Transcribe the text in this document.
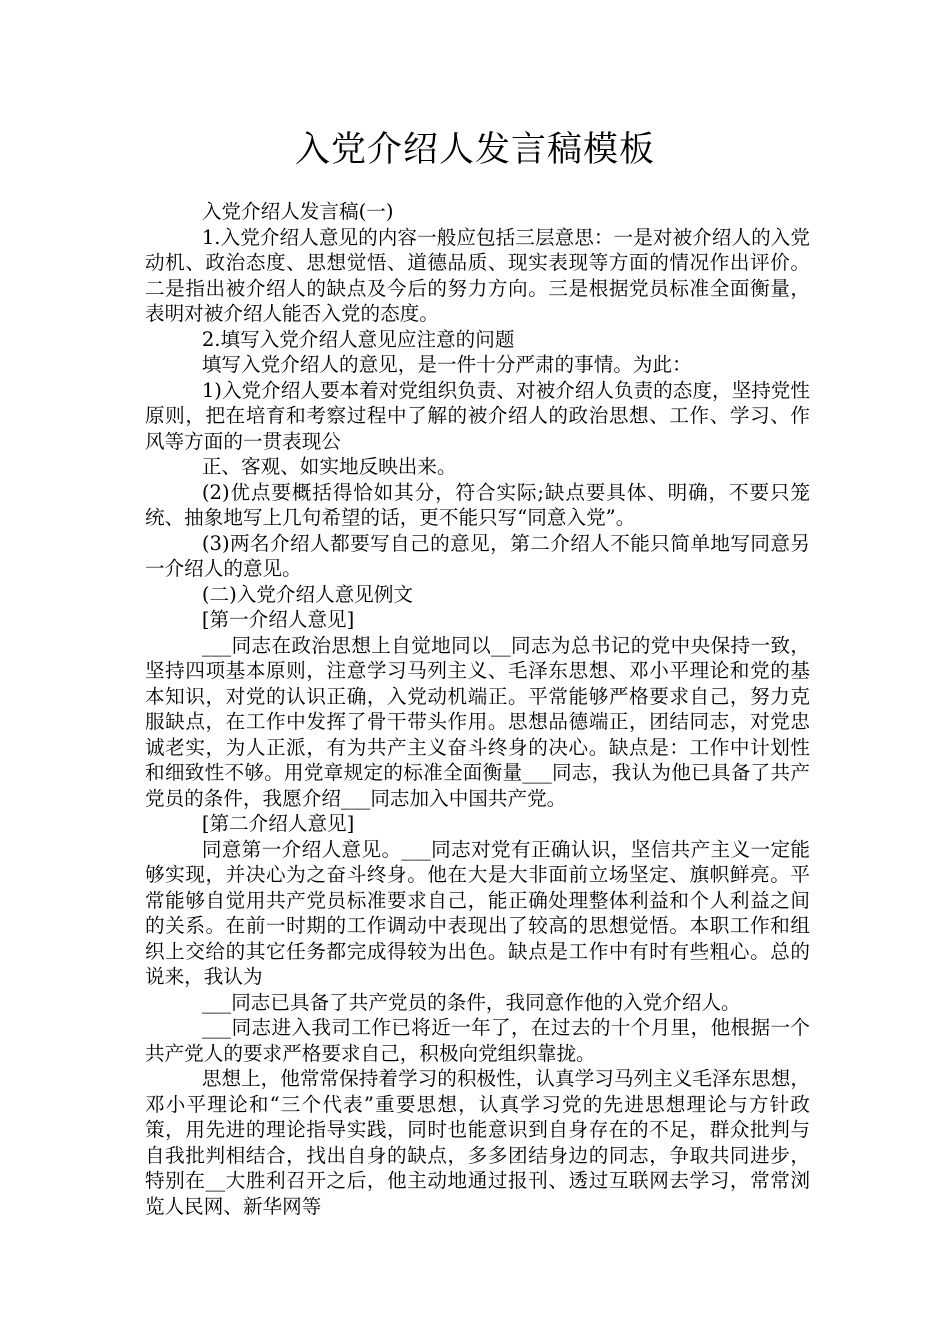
入党介绍人发言稿模板

入党介绍人发言稿(一)

1.入党介绍人意见的内容一般应包括三层意思：一是对被介绍人的入党动机、政治态度、思想觉悟、道德品质、现实表现等方面的情况作出评价。二是指出被介绍人的缺点及今后的努力方向。三是根据党员标准全面衡量，表明对被介绍人能否入党的态度。

2.填写入党介绍人意见应注意的问题

填写入党介绍人的意见，是一件十分严肃的事情。为此：

1)入党介绍人要本着对党组织负责、对被介绍人负责的态度，坚持党性原则，把在培育和考察过程中了解的被介绍人的政治思想、工作、学习、作风等方面的一贯表现公

正、客观、如实地反映出来。

(2)优点要概括得恰如其分，符合实际;缺点要具体、明确，不要只笼统、抽象地写上几句希望的话，更不能只写“同意入党”。

(3)两名介绍人都要写自己的意见，第二介绍人不能只简单地写同意另一介绍人的意见。

(二)入党介绍人意见例文

[第一介绍人意见]

___同志在政治思想上自觉地同以__同志为总书记的党中央保持一致，坚持四项基本原则，注意学习马列主义、毛泽东思想、邓小平理论和党的基本知识，对党的认识正确，入党动机端正。平常能够严格要求自己，努力克服缺点，在工作中发挥了骨干带头作用。思想品德端正，团结同志，对党忠诚老实，为人正派，有为共产主义奋斗终身的决心。缺点是：工作中计划性和细致性不够。用党章规定的标准全面衡量___同志，我认为他已具备了共产党员的条件，我愿介绍___同志加入中国共产党。

[第二介绍人意见]

同意第一介绍人意见。___同志对党有正确认识，坚信共产主义一定能够实现，并决心为之奋斗终身。他在大是大非面前立场坚定、旗帜鲜亮。平常能够自觉用共产党员标准要求自己，能正确处理整体利益和个人利益之间的关系。在前一时期的工作调动中表现出了较高的思想觉悟。本职工作和组织上交给的其它任务都完成得较为出色。缺点是工作中有时有些粗心。总的说来，我认为

___同志已具备了共产党员的条件，我同意作他的入党介绍人。

___同志进入我司工作已将近一年了，在过去的十个月里，他根据一个共产党人的要求严格要求自己，积极向党组织靠拢。

思想上，他常常保持着学习的积极性，认真学习马列主义毛泽东思想，邓小平理论和“三个代表”重要思想，认真学习党的先进思想理论与方针政策，用先进的理论指导实践，同时也能意识到自身存在的不足，群众批判与自我批判相结合，找出自身的缺点，多多团结身边的同志，争取共同进步，特别在__大胜利召开之后，他主动地通过报刊、透过互联网去学习，常常浏览人民网、新华网等
